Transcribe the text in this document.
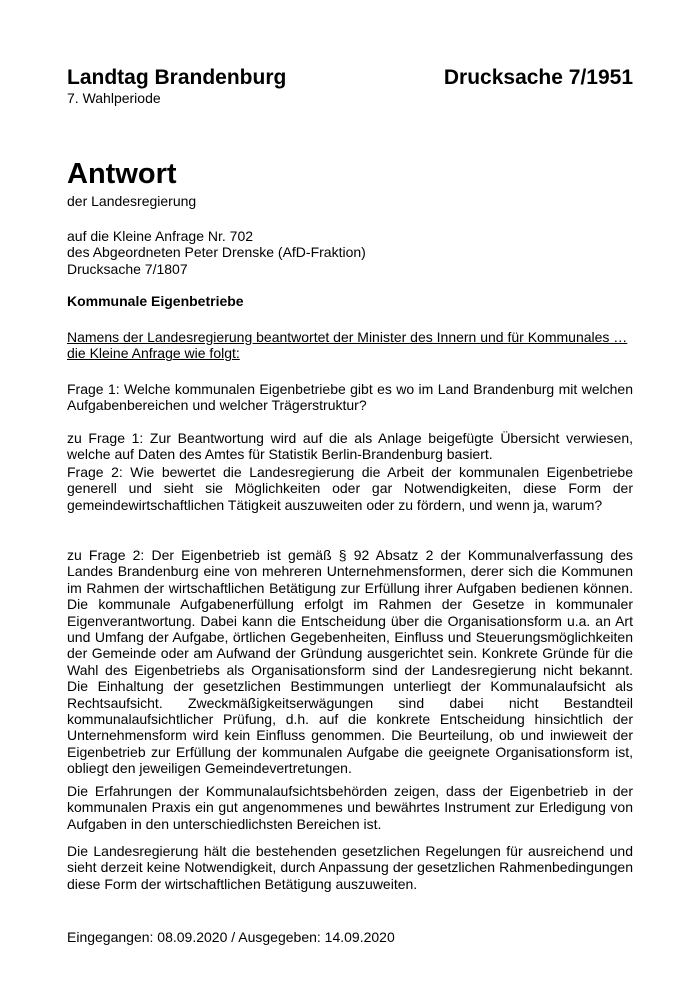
Landtag Brandenburg	Drucksache 7/1951
7. Wahlperiode
Antwort
der Landesregierung
auf die Kleine Anfrage Nr. 702
des Abgeordneten Peter Drenske (AfD-Fraktion)
Drucksache 7/1807
Kommunale Eigenbetriebe
Namens der Landesregierung beantwortet der Minister des Innern und für Kommunales …
die Kleine Anfrage wie folgt:
Frage 1: Welche kommunalen Eigenbetriebe gibt es wo im Land Brandenburg mit welchen Aufgabenbereichen und welcher Trägerstruktur?
zu Frage 1: Zur Beantwortung wird auf die als Anlage beigefügte Übersicht verwiesen, welche auf Daten des Amtes für Statistik Berlin-Brandenburg basiert.
Frage 2: Wie bewertet die Landesregierung die Arbeit der kommunalen Eigenbetriebe generell und sieht sie Möglichkeiten oder gar Notwendigkeiten, diese Form der gemeindewirtschaftlichen Tätigkeit auszuweiten oder zu fördern, und wenn ja, warum?
zu Frage 2: Der Eigenbetrieb ist gemäß § 92 Absatz 2 der Kommunalverfassung des Landes Brandenburg eine von mehreren Unternehmensformen, derer sich die Kommunen im Rahmen der wirtschaftlichen Betätigung zur Erfüllung ihrer Aufgaben bedienen können. Die kommunale Aufgabenerfüllung erfolgt im Rahmen der Gesetze in kommunaler Eigenverantwortung. Dabei kann die Entscheidung über die Organisationsform u.a. an Art und Umfang der Aufgabe, örtlichen Gegebenheiten, Einfluss und Steuerungsmöglichkeiten der Gemeinde oder am Aufwand der Gründung ausgerichtet sein. Konkrete Gründe für die Wahl des Eigenbetriebs als Organisationsform sind der Landesregierung nicht bekannt. Die Einhaltung der gesetzlichen Bestimmungen unterliegt der Kommunalaufsicht als Rechtsaufsicht. Zweckmäßigkeitserwägungen sind dabei nicht Bestandteil kommunalaufsichtlicher Prüfung, d.h. auf die konkrete Entscheidung hinsichtlich der Unternehmensform wird kein Einfluss genommen. Die Beurteilung, ob und inwieweit der Eigenbetrieb zur Erfüllung der kommunalen Aufgabe die geeignete Organisationsform ist, obliegt den jeweiligen Gemeindevertretungen.
Die Erfahrungen der Kommunalaufsichtsbehörden zeigen, dass der Eigenbetrieb in der kommunalen Praxis ein gut angenommenes und bewährtes Instrument zur Erledigung von Aufgaben in den unterschiedlichsten Bereichen ist.
Die Landesregierung hält die bestehenden gesetzlichen Regelungen für ausreichend und sieht derzeit keine Notwendigkeit, durch Anpassung der gesetzlichen Rahmenbedingungen diese Form der wirtschaftlichen Betätigung auszuweiten.
Eingegangen: 08.09.2020 / Ausgegeben: 14.09.2020
